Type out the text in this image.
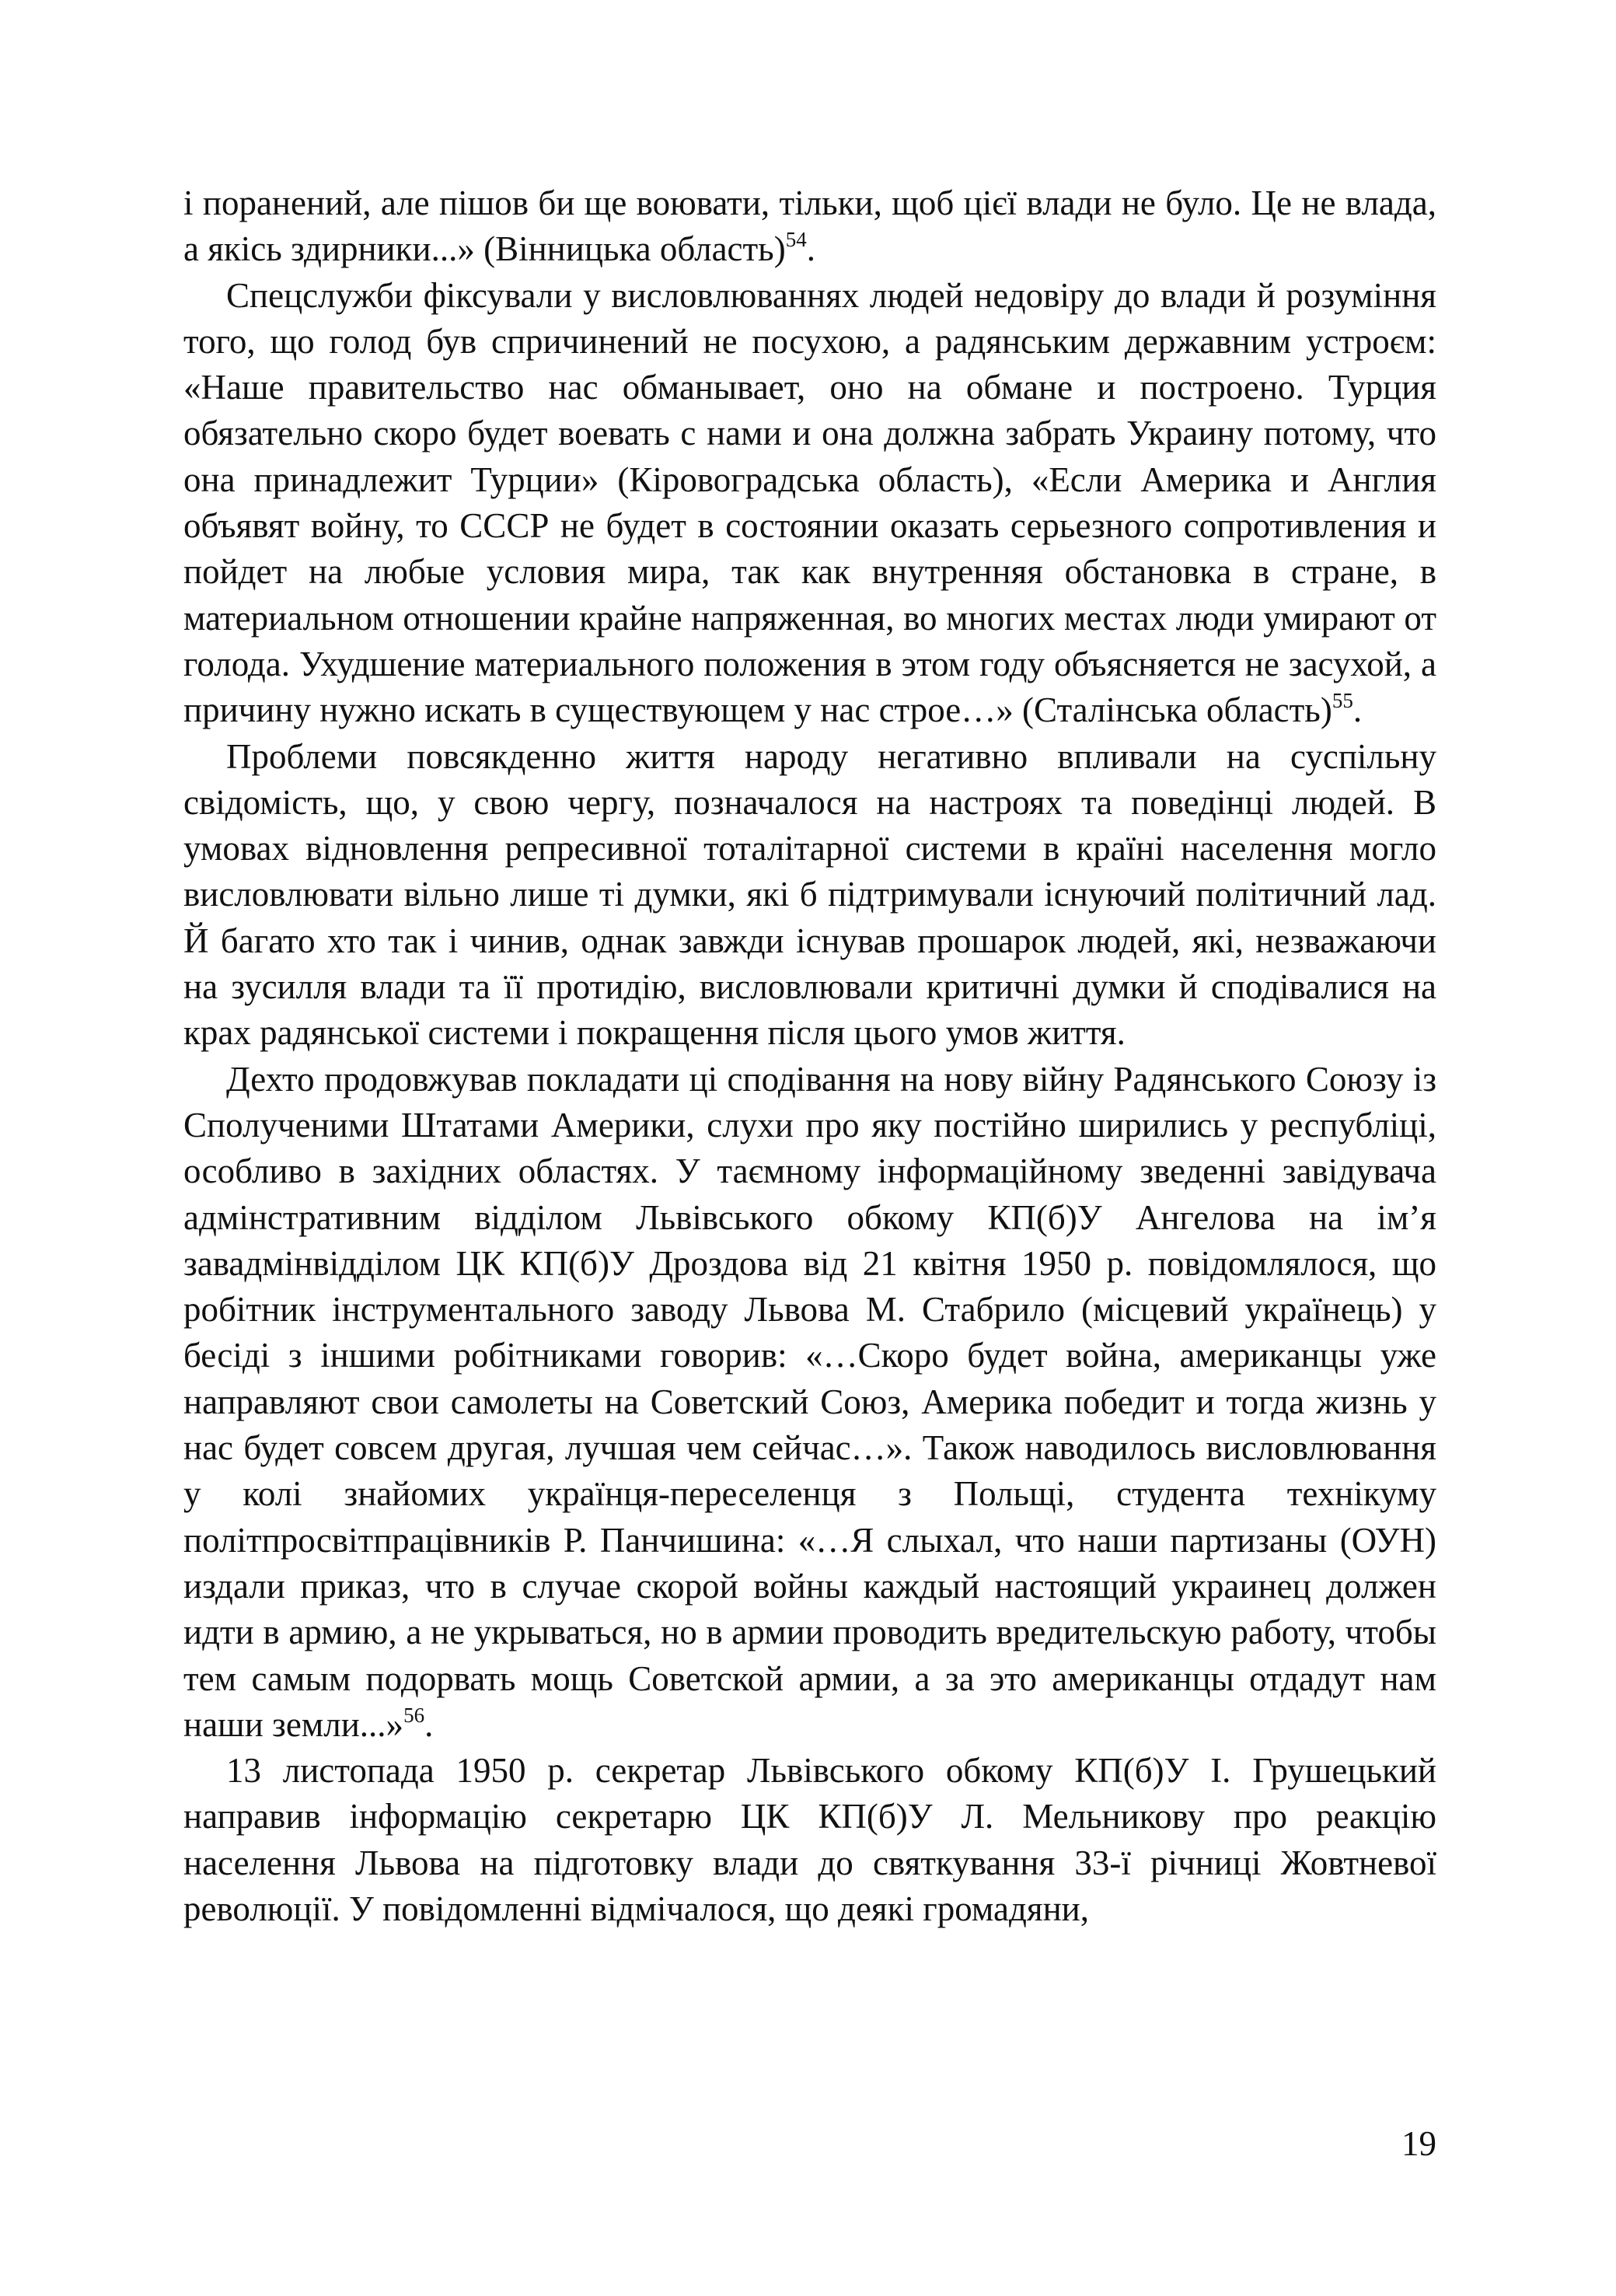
і поранений, але пішов би ще воювати, тільки, щоб цієї влади не було. Це не влада, а якісь здирники...» (Вінницька область)$^{54}$.

Спецслужби фіксували у висловлюваннях людей недовіру до влади й розуміння того, що голод був спричинений не посухою, а радянським державним устроєм: «Наше правительство нас обманывает, оно на обмане и построено. Турция обязательно скоро будет воевать с нами и она должна забрать Украину потому, что она принадлежит Турции» (Кіровоградська область), «Если Америка и Англия объявят войну, то СССР не будет в состоянии оказать серьезного сопротивления и пойдет на любые условия мира, так как внутренняя обстановка в стране, в материальном отношении крайне напряженная, во многих местах люди умирают от голода. Ухудшение материального положения в этом году объясняется не засухой, а причину нужно искать в существующем у нас строе…» (Сталінська область)$^{55}$.

Проблеми повсякденно життя народу негативно впливали на суспільну свідомість, що, у свою чергу, позначалося на настроях та поведінці людей. В умовах відновлення репресивної тоталітарної системи в країні населення могло висловлювати вільно лише ті думки, які б підтримували існуючий політичний лад. Й багато хто так і чинив, однак завжди існував прошарок людей, які, незважаючи на зусилля влади та її протидію, висловлювали критичні думки й сподівалися на крах радянської системи і покращення після цього умов життя.

Дехто продовжував покладати ці сподівання на нову війну Радянського Союзу із Сполученими Штатами Америки, слухи про яку постійно ширились у республіці, особливо в західних областях. У таємному інформаційному зведенні завідувача адмінстративним відділом Львівського обкому КП(б)У Ангелова на ім’я завадмінвідділом ЦК КП(б)У Дроздова від 21 квітня 1950 р. повідомлялося, що робітник інструментального заводу Львова М. Стабрило (місцевий українець) у бесіді з іншими робітниками говорив: «…Скоро будет война, американцы уже направляют свои самолеты на Советский Союз, Америка победит и тогда жизнь у нас будет совсем другая, лучшая чем сейчас…». Також наводилось висловлювання у колі знайомих українця-переселенця з Польщі, студента технікуму політпросвітпрацівників Р. Панчишина: «…Я слыхал, что наши партизаны (ОУН) издали приказ, что в случае скорой войны каждый настоящий украинец должен идти в армию, а не укрываться, но в армии проводить вредительскую работу, чтобы тем самым подорвать мощь Советской армии, а за это американцы отдадут нам наши земли...»$^{56}$.

13 листопада 1950 р. секретар Львівського обкому КП(б)У І. Грушецький направив інформацію секретарю ЦК КП(б)У Л. Мельникову про реакцію населення Львова на підготовку влади до святкування 33-ї річниці Жовтневої революції. У повідомленні відмічалося, що деякі громадяни,

19
